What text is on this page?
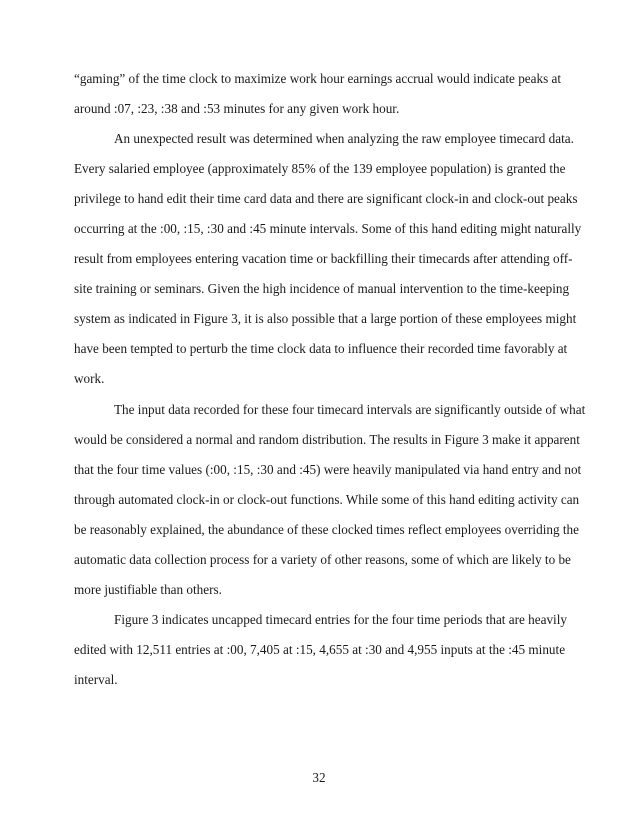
“gaming” of the time clock to maximize work hour earnings accrual would indicate peaks at
around :07, :23, :38 and :53 minutes for any given work hour.
An unexpected result was determined when analyzing the raw employee timecard data.
Every salaried employee (approximately 85% of the 139 employee population) is granted the
privilege to hand edit their time card data and there are significant clock-in and clock-out peaks
occurring at the :00, :15, :30 and :45 minute intervals. Some of this hand editing might naturally
result from employees entering vacation time or backfilling their timecards after attending off-
site training or seminars. Given the high incidence of manual intervention to the time-keeping
system as indicated in Figure 3, it is also possible that a large portion of these employees might
have been tempted to perturb the time clock data to influence their recorded time favorably at
work.
The input data recorded for these four timecard intervals are significantly outside of what
would be considered a normal and random distribution. The results in Figure 3 make it apparent
that the four time values (:00, :15, :30 and :45) were heavily manipulated via hand entry and not
through automated clock-in or clock-out functions. While some of this hand editing activity can
be reasonably explained, the abundance of these clocked times reflect employees overriding the
automatic data collection process for a variety of other reasons, some of which are likely to be
more justifiable than others.
Figure 3 indicates uncapped timecard entries for the four time periods that are heavily
edited with 12,511 entries at :00, 7,405 at :15, 4,655 at :30 and 4,955 inputs at the :45 minute
interval.
32
